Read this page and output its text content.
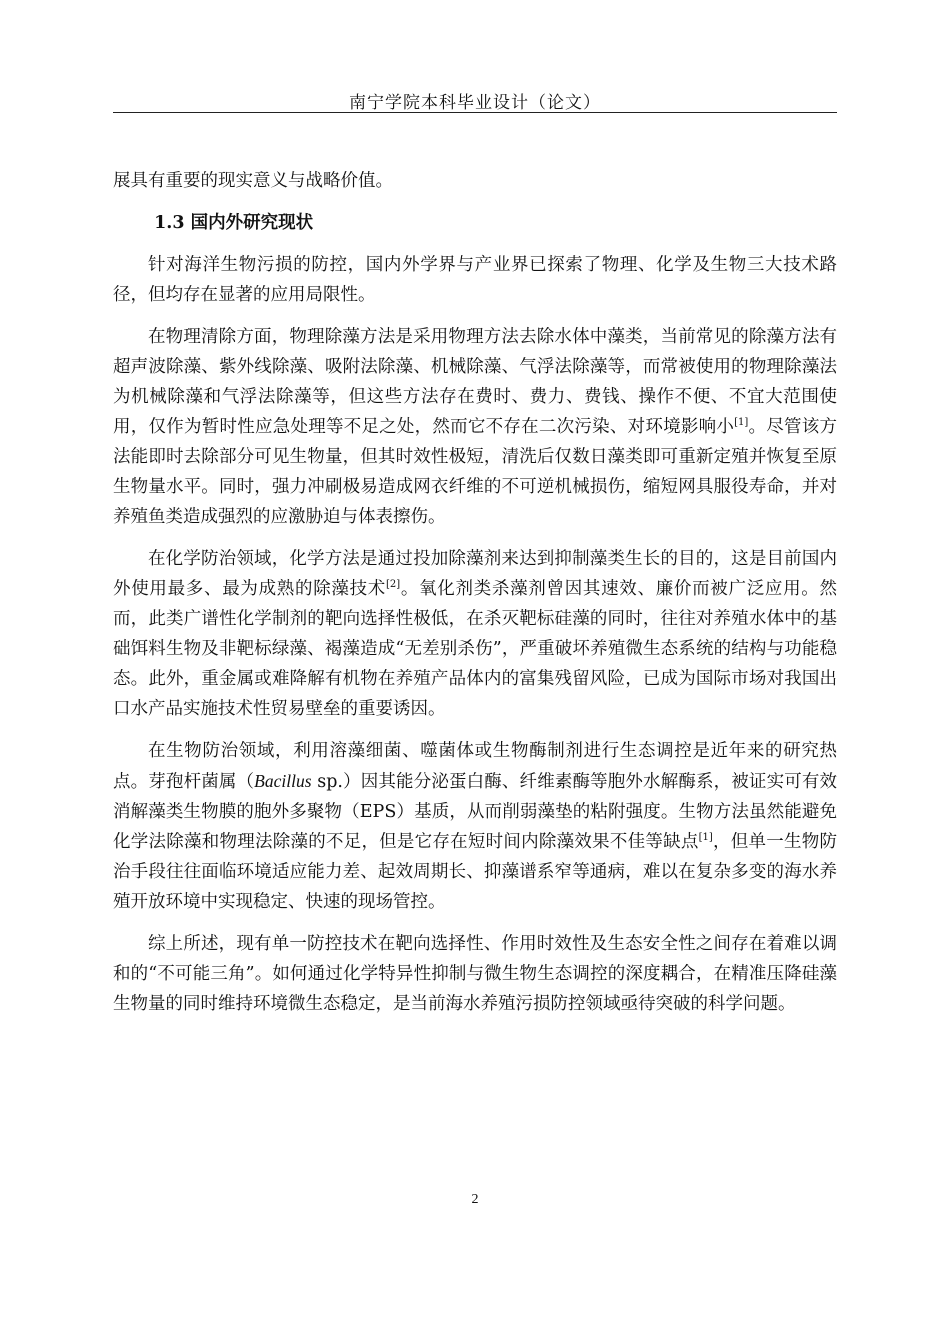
南宁学院本科毕业设计（论文）

展具有重要的现实意义与战略价值。

1.3 国内外研究现状

针对海洋生物污损的防控，国内外学界与产业界已探索了物理、化学及生物三大技术路径，但均存在显著的应用局限性。

在物理清除方面，物理除藻方法是采用物理方法去除水体中藻类，当前常见的除藻方法有超声波除藻、紫外线除藻、吸附法除藻、机械除藻、气浮法除藻等，而常被使用的物理除藻法为机械除藻和气浮法除藻等，但这些方法存在费时、费力、费钱、操作不便、不宜大范围使用，仅作为暂时性应急处理等不足之处，然而它不存在二次污染、对环境影响小[1]。尽管该方法能即时去除部分可见生物量，但其时效性极短，清洗后仅数日藻类即可重新定殖并恢复至原生物量水平。同时，强力冲刷极易造成网衣纤维的不可逆机械损伤，缩短网具服役寿命，并对养殖鱼类造成强烈的应激胁迫与体表擦伤。

在化学防治领域，化学方法是通过投加除藻剂来达到抑制藻类生长的目的，这是目前国内外使用最多、最为成熟的除藻技术[2]。氧化剂类杀藻剂曾因其速效、廉价而被广泛应用。然而，此类广谱性化学制剂的靶向选择性极低，在杀灭靶标硅藻的同时，往往对养殖水体中的基础饵料生物及非靶标绿藻、褐藻造成“无差别杀伤”，严重破坏养殖微生态系统的结构与功能稳态。此外，重金属或难降解有机物在养殖产品体内的富集残留风险，已成为国际市场对我国出口水产品实施技术性贸易壁垒的重要诱因。

在生物防治领域，利用溶藻细菌、噬菌体或生物酶制剂进行生态调控是近年来的研究热点。芽孢杆菌属（Bacillus sp.）因其能分泌蛋白酶、纤维素酶等胞外水解酶系，被证实可有效消解藻类生物膜的胞外多聚物（EPS）基质，从而削弱藻垫的粘附强度。生物方法虽然能避免化学法除藻和物理法除藻的不足，但是它存在短时间内除藻效果不佳等缺点[1]，但单一生物防治手段往往面临环境适应能力差、起效周期长、抑藻谱系窄等通病，难以在复杂多变的海水养殖开放环境中实现稳定、快速的现场管控。

综上所述，现有单一防控技术在靶向选择性、作用时效性及生态安全性之间存在着难以调和的“不可能三角”。如何通过化学特异性抑制与微生物生态调控的深度耦合，在精准压降硅藻生物量的同时维持环境微生态稳定，是当前海水养殖污损防控领域亟待突破的科学问题。

2
